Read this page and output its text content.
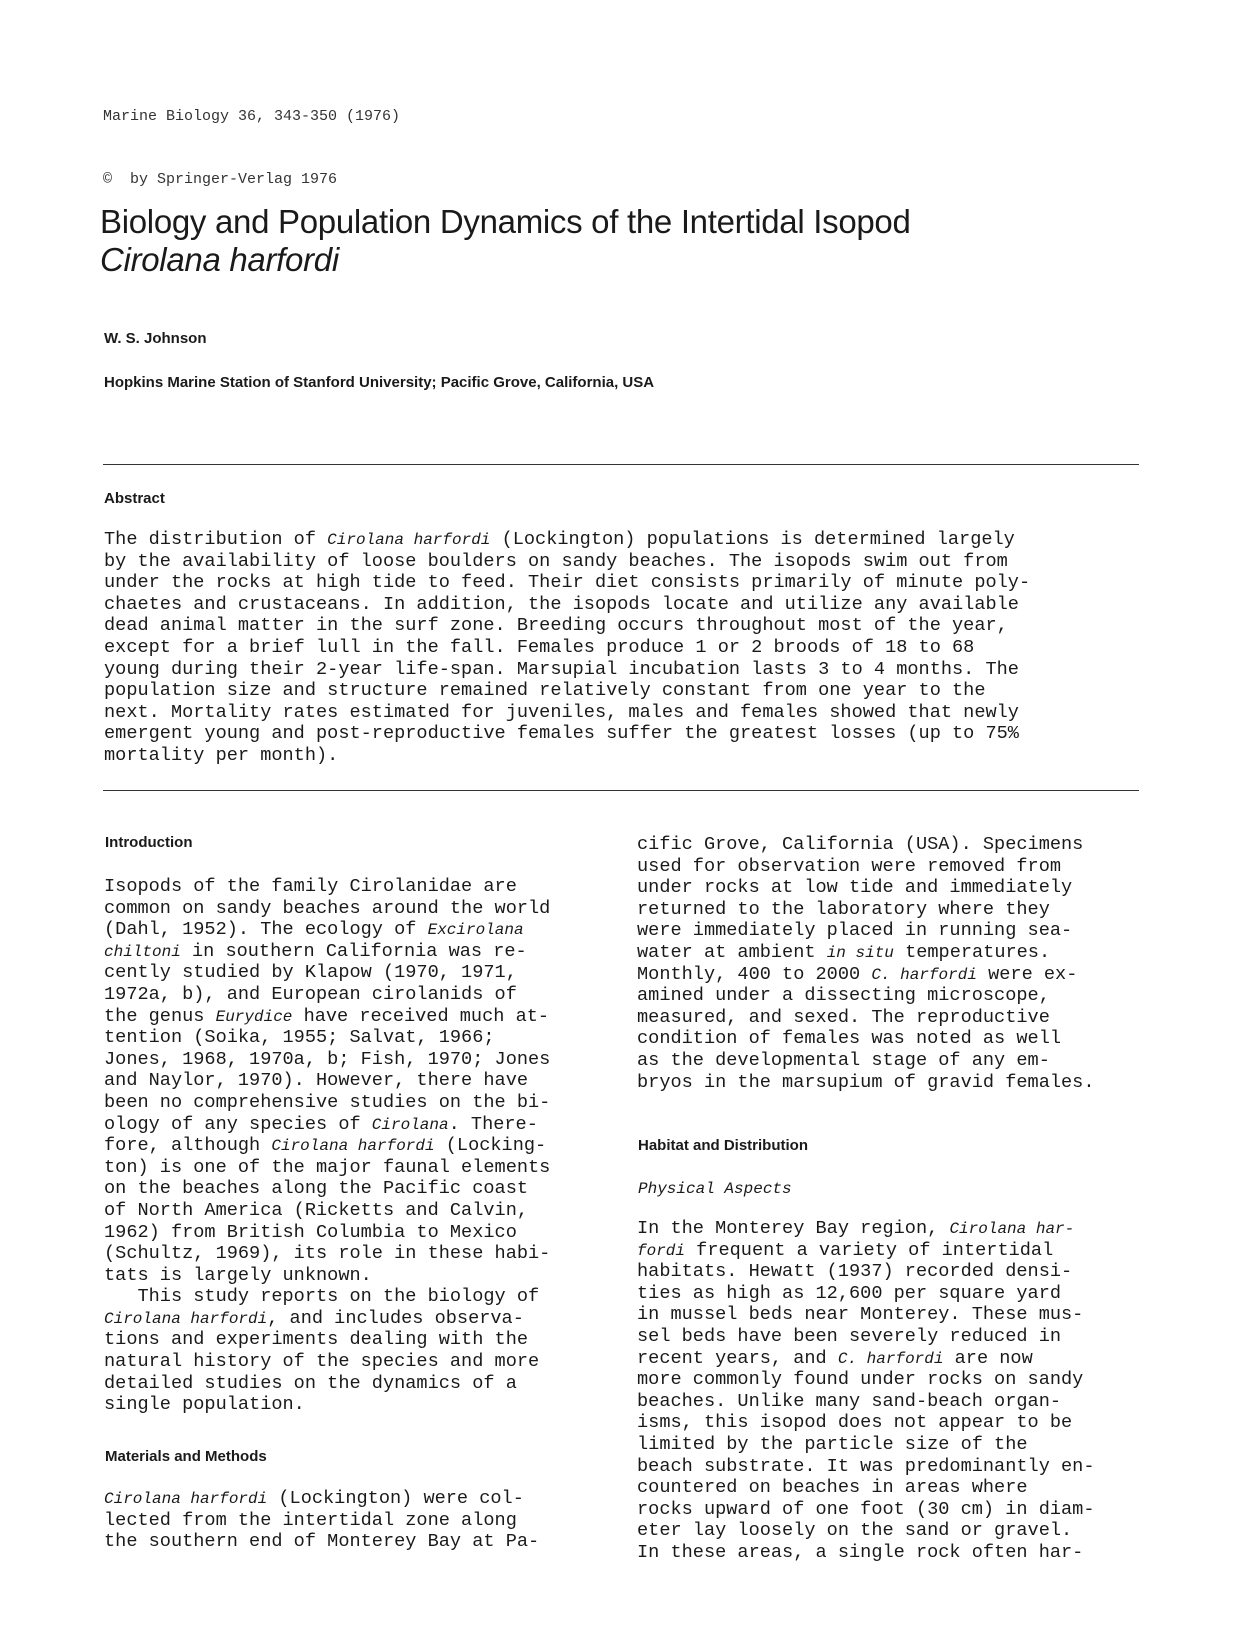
Marine Biology 36, 343-350 (1976)

©  by Springer-Verlag 1976

Biology and Population Dynamics of the Intertidal Isopod
Cirolana harfordi
W. S. Johnson
Hopkins Marine Station of Stanford University; Pacific Grove, California, USA
Abstract
The distribution of Cirolana harfordi (Lockington) populations is determined largely
by the availability of loose boulders on sandy beaches. The isopods swim out from
under the rocks at high tide to feed. Their diet consists primarily of minute poly-
chaetes and crustaceans. In addition, the isopods locate and utilize any available
dead animal matter in the surf zone. Breeding occurs throughout most of the year,
except for a brief lull in the fall. Females produce 1 or 2 broods of 18 to 68
young during their 2-year life-span. Marsupial incubation lasts 3 to 4 months. The
population size and structure remained relatively constant from one year to the
next. Mortality rates estimated for juveniles, males and females showed that newly
emergent young and post-reproductive females suffer the greatest losses (up to 75%
mortality per month).
Introduction
Isopods of the family Cirolanidae are
common on sandy beaches around the world
(Dahl, 1952). The ecology of Excirolana
chiltoni in southern California was re-
cently studied by Klapow (1970, 1971,
1972a, b), and European cirolanids of
the genus Eurydice have received much at-
tention (Soika, 1955; Salvat, 1966;
Jones, 1968, 1970a, b; Fish, 1970; Jones
and Naylor, 1970). However, there have
been no comprehensive studies on the bi-
ology of any species of Cirolana. There-
fore, although Cirolana harfordi (Locking-
ton) is one of the major faunal elements
on the beaches along the Pacific coast
of North America (Ricketts and Calvin,
1962) from British Columbia to Mexico
(Schultz, 1969), its role in these habi-
tats is largely unknown.
This study reports on the biology of
Cirolana harfordi, and includes observa-
tions and experiments dealing with the
natural history of the species and more
detailed studies on the dynamics of a
single population.
Materials and Methods
Cirolana harfordi (Lockington) were col-
lected from the intertidal zone along
the southern end of Monterey Bay at Pa-
cific Grove, California (USA). Specimens
used for observation were removed from
under rocks at low tide and immediately
returned to the laboratory where they
were immediately placed in running sea-
water at ambient in situ temperatures.
Monthly, 400 to 2000 C. harfordi were ex-
amined under a dissecting microscope,
measured, and sexed. The reproductive
condition of females was noted as well
as the developmental stage of any em-
bryos in the marsupium of gravid females.
Habitat and Distribution
Physical Aspects
In the Monterey Bay region, Cirolana har-
fordi frequent a variety of intertidal
habitats. Hewatt (1937) recorded densi-
ties as high as 12,600 per square yard
in mussel beds near Monterey. These mus-
sel beds have been severely reduced in
recent years, and C. harfordi are now
more commonly found under rocks on sandy
beaches. Unlike many sand-beach organ-
isms, this isopod does not appear to be
limited by the particle size of the
beach substrate. It was predominantly en-
countered on beaches in areas where
rocks upward of one foot (30 cm) in diam-
eter lay loosely on the sand or gravel.
In these areas, a single rock often har-
